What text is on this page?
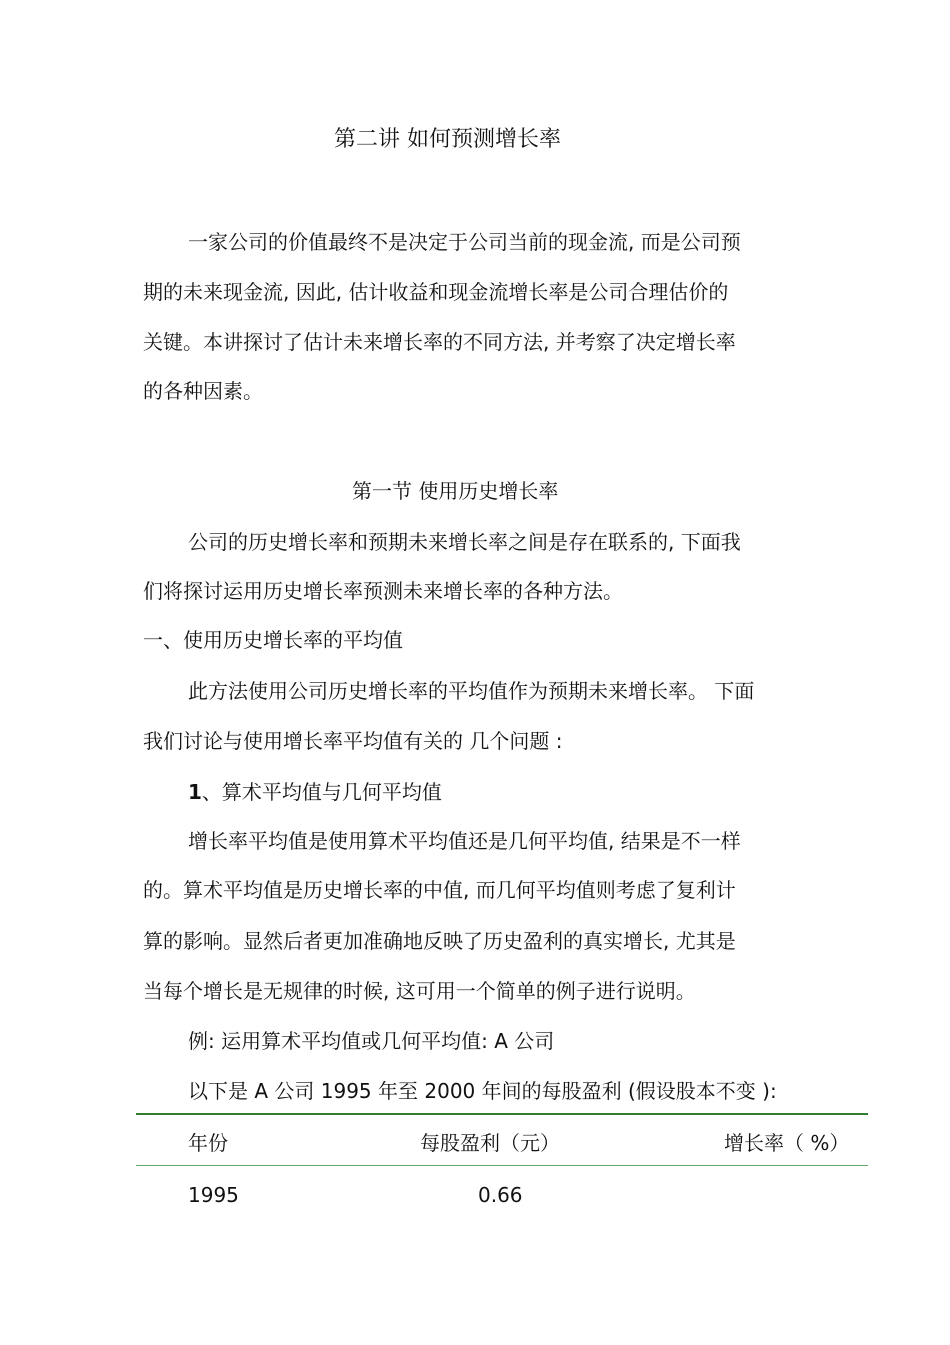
第二讲 如何预测增长率
一家公司的价值最终不是决定于公司当前的现金流, 而是公司预
期的未来现金流, 因此, 估计收益和现金流增长率是公司合理估价的
关键。本讲探讨了估计未来增长率的不同方法, 并考察了决定增长率
的各种因素。
第一节 使用历史增长率
公司的历史增长率和预期未来增长率之间是存在联系的, 下面我
们将探讨运用历史增长率预测未来增长率的各种方法。
一、使用历史增长率的平均值
此方法使用公司历史增长率的平均值作为预期未来增长率。 下面
我们讨论与使用增长率平均值有关的 几个问题 :
1、算术平均值与几何平均值
增长率平均值是使用算术平均值还是几何平均值, 结果是不一样
的。算术平均值是历史增长率的中值, 而几何平均值则考虑了复利计
算的影响。显然后者更加准确地反映了历史盈利的真实增长, 尤其是
当每个增长是无规律的时候, 这可用一个简单的例子进行说明。
例: 运用算术平均值或几何平均值: A 公司
以下是 A 公司 1995 年至 2000 年间的每股盈利 (假设股本不变 ):
年份	每股盈利（元）	增长率（ %）
1995	0.66
